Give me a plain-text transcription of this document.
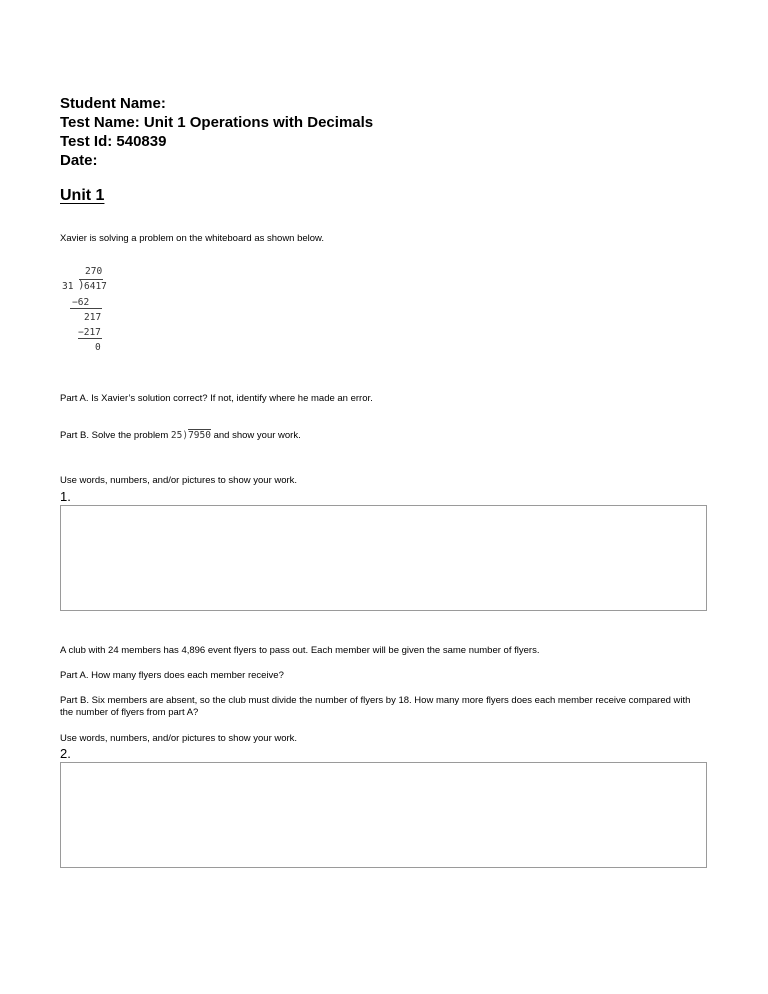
Student Name:
Test Name: Unit 1 Operations with Decimals
Test Id: 540839
Date:
Unit 1
Xavier is solving a problem on the whiteboard as shown below.
270
31 ) 6417
−62
217
−217
0
Part A. Is Xavier’s solution correct? If not, identify where he made an error.
Part B. Solve the problem 25)7950 and show your work.
Use words, numbers, and/or pictures to show your work.
1.
A club with 24 members has 4,896 event flyers to pass out. Each member will be given the same number of flyers.
Part A. How many flyers does each member receive?
Part B. Six members are absent, so the club must divide the number of flyers by 18. How many more flyers does each member receive compared with the number of flyers from part A?
Use words, numbers, and/or pictures to show your work.
2.
